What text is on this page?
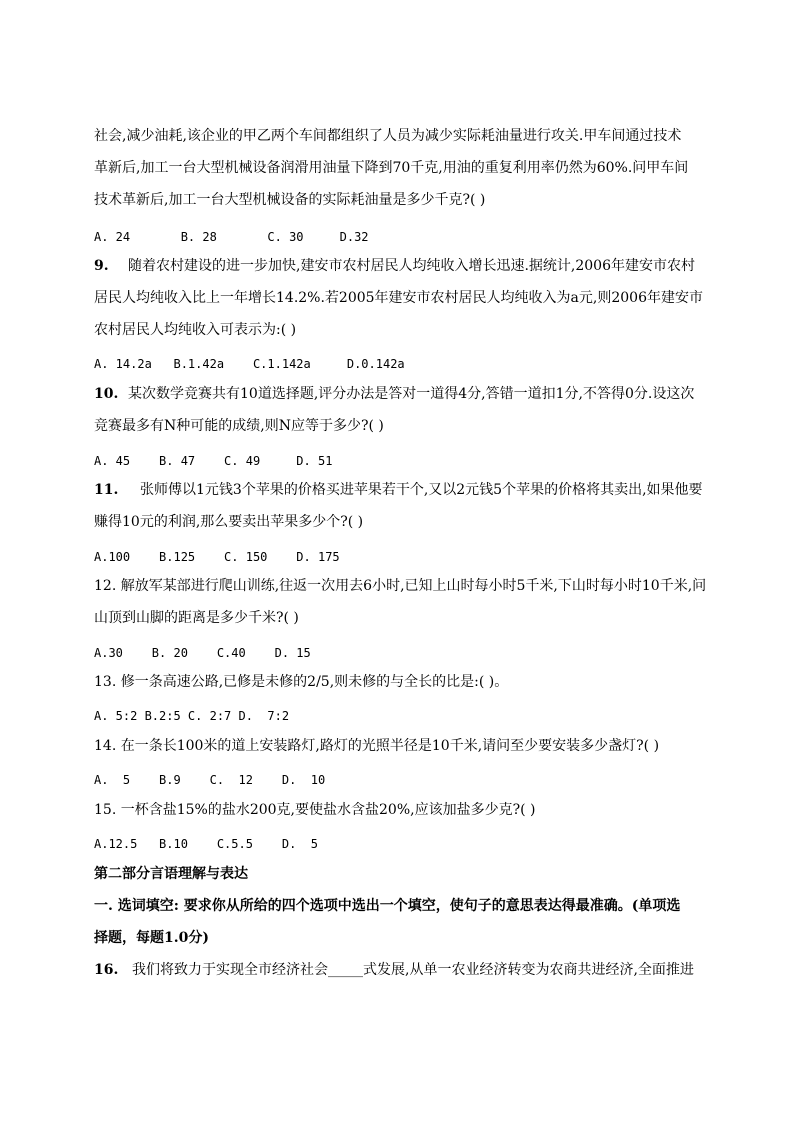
社会,减少油耗,该企业的甲乙两个车间都组织了人员为减少实际耗油量进行攻关.甲车间通过技术
革新后,加工一台大型机械设备润滑用油量下降到70千克,用油的重复利用率仍然为60%.问甲车间
技术革新后,加工一台大型机械设备的实际耗油量是多少千克?( )
A. 24       B. 28       C. 30     D.32
9. 随着农村建设的进一步加快,建安市农村居民人均纯收入增长迅速.据统计,2006年建安市农村
居民人均纯收入比上一年增长14.2%.若2005年建安市农村居民人均纯收入为a元,则2006年建安市
农村居民人均纯收入可表示为:( )
A. 14.2a   B.1.42a    C.1.142a     D.0.142a
10. 某次数学竞赛共有10道选择题,评分办法是答对一道得4分,答错一道扣1分,不答得0分.设这次
竞赛最多有N种可能的成绩,则N应等于多少?( )
A. 45    B. 47    C. 49     D. 51
11. 张师傅以1元钱3个苹果的价格买进苹果若干个,又以2元钱5个苹果的价格将其卖出,如果他要
赚得10元的利润,那么要卖出苹果多少个?( )
A.100    B.125    C. 150    D. 175
12. 解放军某部进行爬山训练,往返一次用去6小时,已知上山时每小时5千米,下山时每小时10千米,问
山顶到山脚的距离是多少千米?( )
A.30    B. 20    C.40    D. 15
13. 修一条高速公路,已修是未修的2/5,则未修的与全长的比是:( )。
A. 5:2 B.2:5 C. 2:7 D.  7:2
14. 在一条长100米的道上安装路灯,路灯的光照半径是10千米,请问至少要安装多少盏灯?( )
A.  5    B.9    C.  12    D.  10
15. 一杯含盐15%的盐水200克,要使盐水含盐20%,应该加盐多少克?( )
A.12.5   B.10    C.5.5    D.  5
第二部分言语理解与表达
一. 选词填空: 要求你从所给的四个选项中选出一个填空，使句子的意思表达得最准确。(单项选
择题，每题1.0分)
16. 我们将致力于实现全市经济社会_____式发展,从单一农业经济转变为农商共进经济,全面推进
